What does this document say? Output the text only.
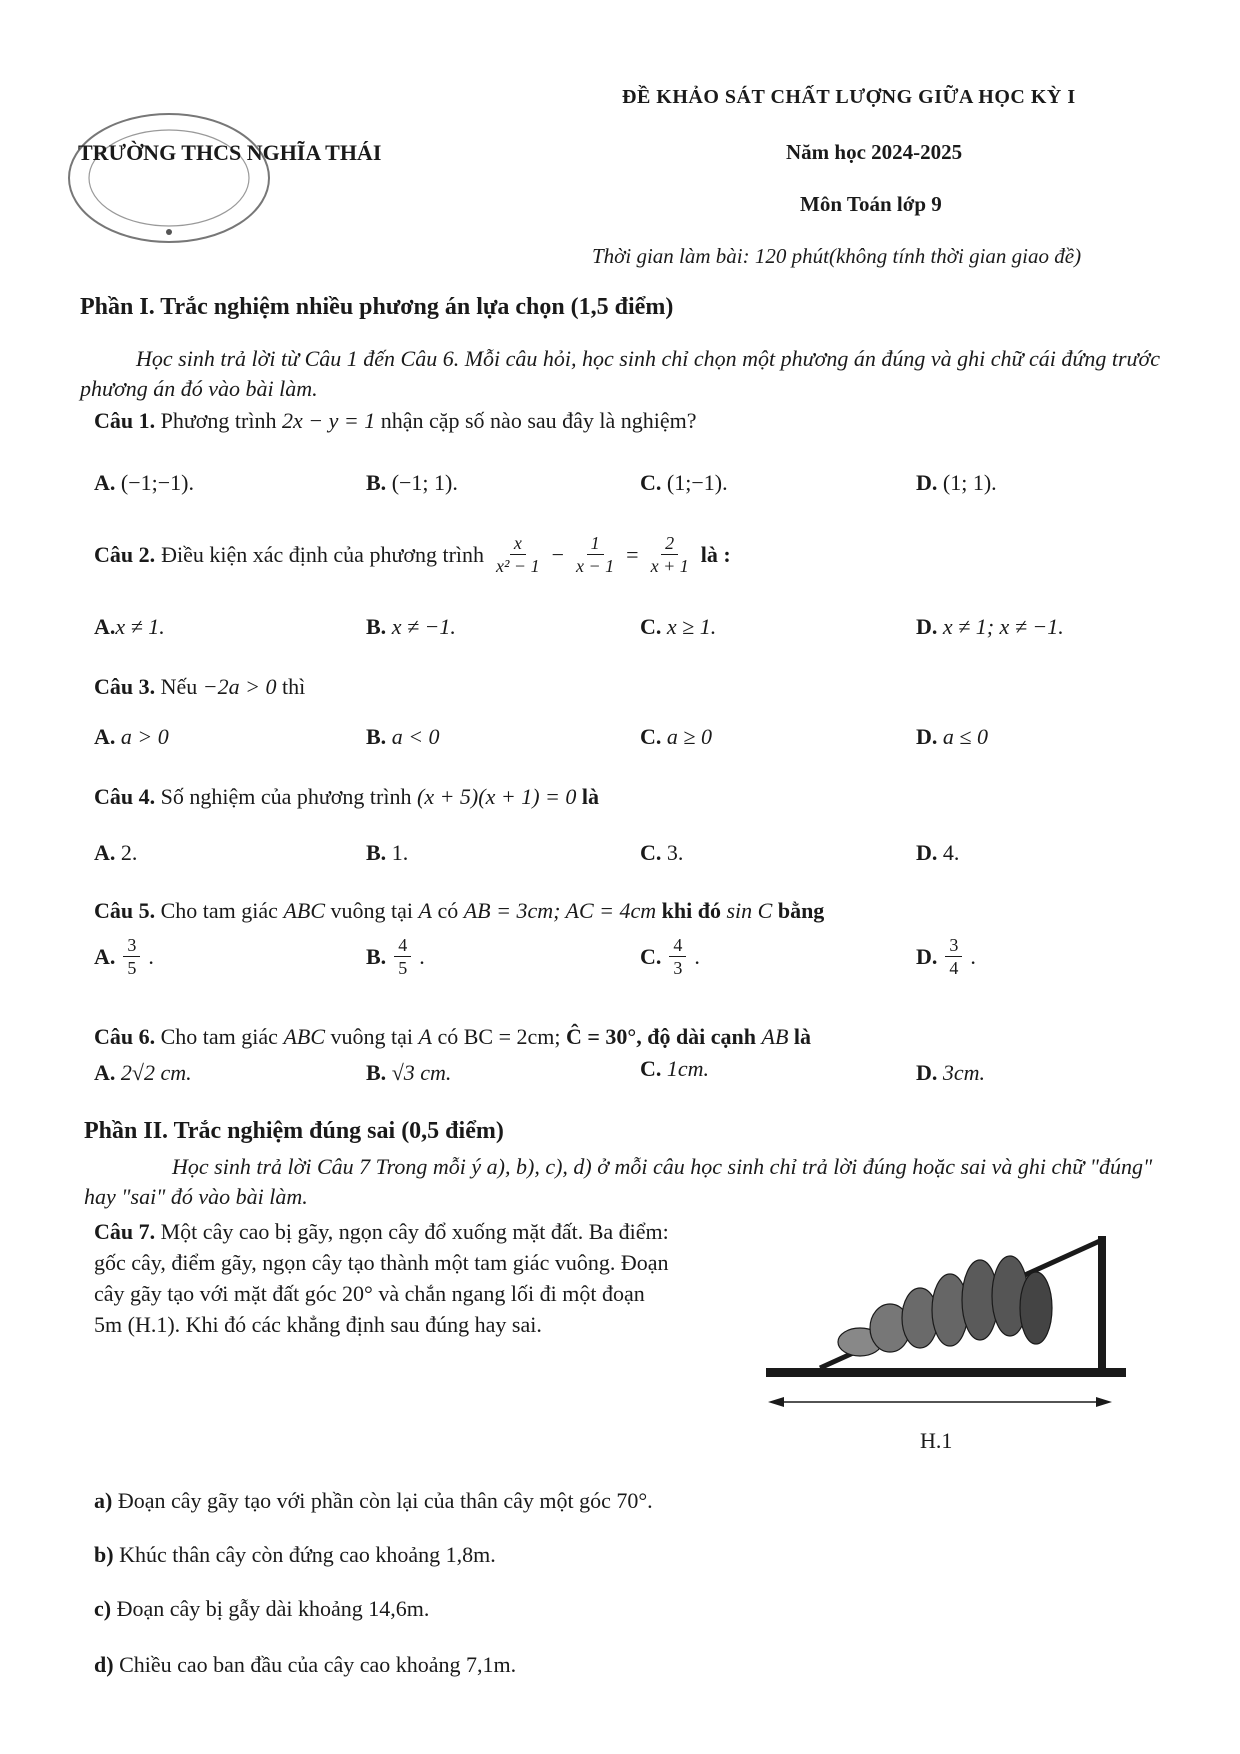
ĐỀ KHẢO SÁT CHẤT LƯỢNG GIỮA HỌC KỲ I
TRƯỜNG THCS NGHĨA THÁI	Năm học 2024-2025
Môn Toán lớp 9
Thời gian làm bài: 120 phút(không tính thời gian giao đề)
Phần I. Trắc nghiệm nhiều phương án lựa chọn (1,5 điểm)
Học sinh trả lời từ Câu 1 đến Câu 6. Mỗi câu hỏi, học sinh chỉ chọn một phương án đúng và ghi chữ cái đứng trước phương án đó vào bài làm.
Câu 1. Phương trình 2x − y = 1 nhận cặp số nào sau đây là nghiệm?
A. (−1;−1).	B. (−1; 1).	C. (1;−1).	D. (1; 1).
Câu 2. Điều kiện xác định của phương trình $\frac{x}{\text{x² − 1}} - \frac{1}{x - 1} = \frac{2}{x + 1}$ là :
A.x ≠ 1.	B. x ≠ −1.	C. x ≥ 1.	D. x ≠ 1; x ≠ −1.
Câu 3. Nếu −2a > 0 thì
A. a > 0	B. a < 0	C. a ≥ 0	D. a ≤ 0
Câu 4. Số nghiệm của phương trình (x + 5)(x + 1) = 0 là
A. 2.	B. 1.	C. 3.	D. 4.
Câu 5. Cho tam giác ABC vuông tại A có AB = 3cm; AC = 4cm khi đó sin C bằng
A. $\frac{3}{5}$ .	B. $\frac{4}{5}$ .	C. $\frac{4}{3}$ .	D. $\frac{3}{4}$ .
Câu 6. Cho tam giác ABC vuông tại A có BC = 2cm; Ĉ = 30°, độ dài cạnh AB là
A. 2√2 cm.	B. √3 cm.	C. 1cm.	D. 3cm.
Phần II. Trắc nghiệm đúng sai (0,5 điểm)
Học sinh trả lời Câu 7 Trong mỗi ý a), b), c), d) ở mỗi câu học sinh chỉ trả lời đúng hoặc sai và ghi chữ "đúng" hay "sai" đó vào bài làm.
Câu 7. Một cây cao bị gãy, ngọn cây đổ xuống mặt đất. Ba điểm: gốc cây, điểm gãy, ngọn cây tạo thành một tam giác vuông. Đoạn cây gãy tạo với mặt đất góc 20° và chắn ngang lối đi một đoạn 5m (H.1). Khi đó các khẳng định sau đúng hay sai.
H.1
a) Đoạn cây gãy tạo với phần còn lại của thân cây một góc 70°.
b) Khúc thân cây còn đứng cao khoảng 1,8m.
c) Đoạn cây bị gẫy dài khoảng 14,6m.
d) Chiều cao ban đầu của cây cao khoảng 7,1m.
